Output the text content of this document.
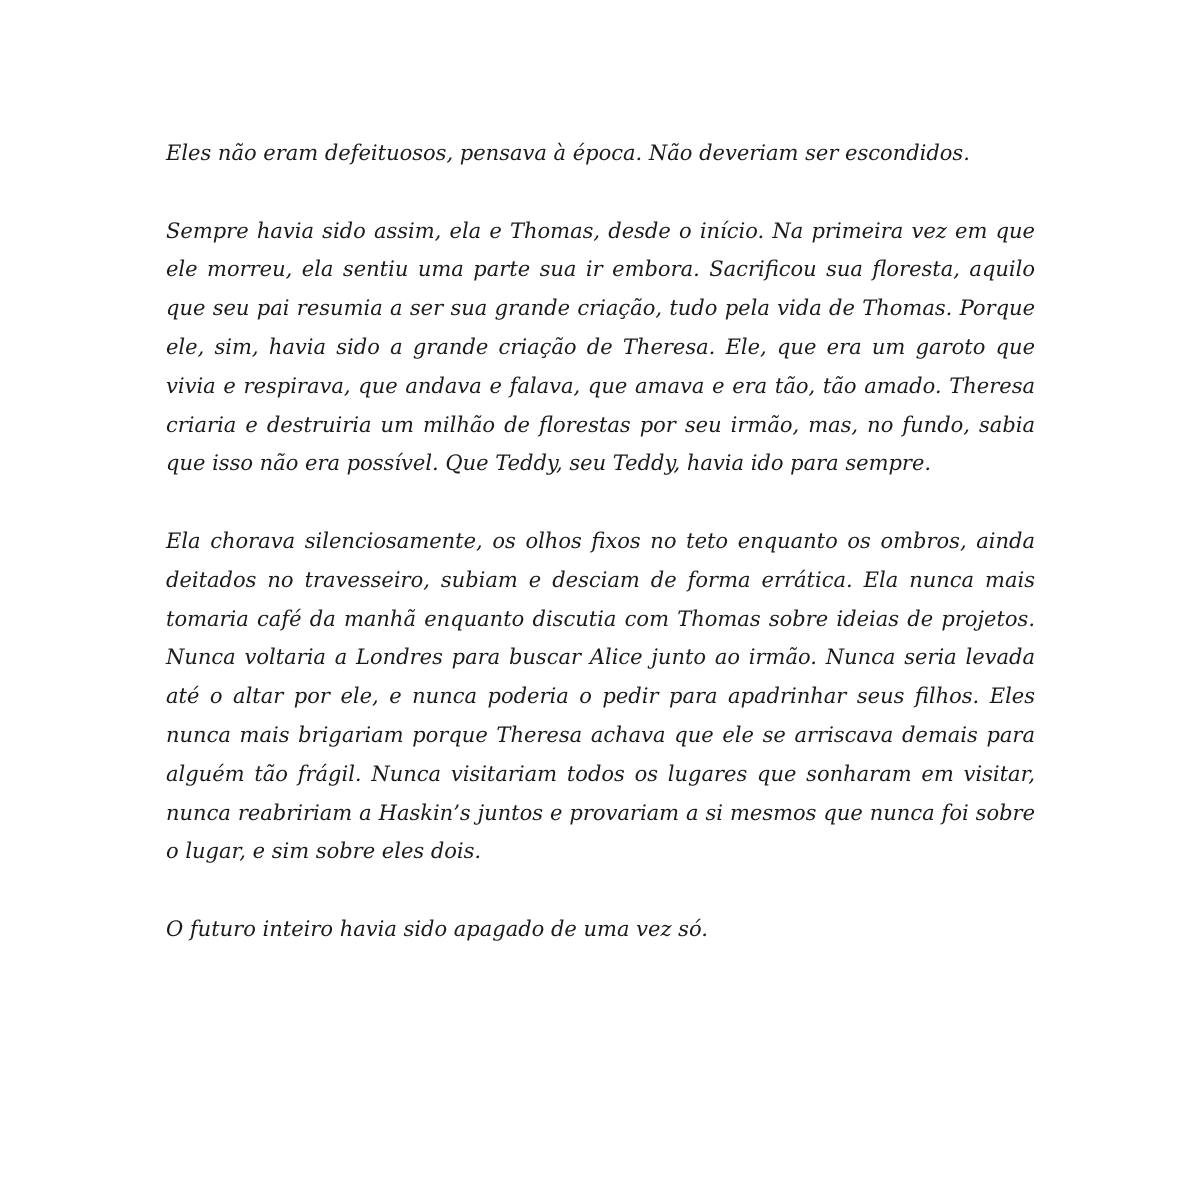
Eles não eram defeituosos, pensava à época. Não deveriam ser escondidos.

Sempre havia sido assim, ela e Thomas, desde o início. Na primeira vez em que ele morreu, ela sentiu uma parte sua ir embora. Sacrificou sua floresta, aquilo que seu pai resumia a ser sua grande criação, tudo pela vida de Thomas. Porque ele, sim, havia sido a grande criação de Theresa. Ele, que era um garoto que vivia e respirava, que andava e falava, que amava e era tão, tão amado. Theresa criaria e destruiria um milhão de florestas por seu irmão, mas, no fundo, sabia que isso não era possível. Que Teddy, seu Teddy, havia ido para sempre.

Ela chorava silenciosamente, os olhos fixos no teto enquanto os ombros, ainda deitados no travesseiro, subiam e desciam de forma errática. Ela nunca mais tomaria café da manhã enquanto discutia com Thomas sobre ideias de projetos. Nunca voltaria a Londres para buscar Alice junto ao irmão. Nunca seria levada até o altar por ele, e nunca poderia o pedir para apadrinhar seus filhos. Eles nunca mais brigariam porque Theresa achava que ele se arriscava demais para alguém tão frágil. Nunca visitariam todos os lugares que sonharam em visitar, nunca reabririam a Haskin’s juntos e provariam a si mesmos que nunca foi sobre o lugar, e sim sobre eles dois.

O futuro inteiro havia sido apagado de uma vez só.
